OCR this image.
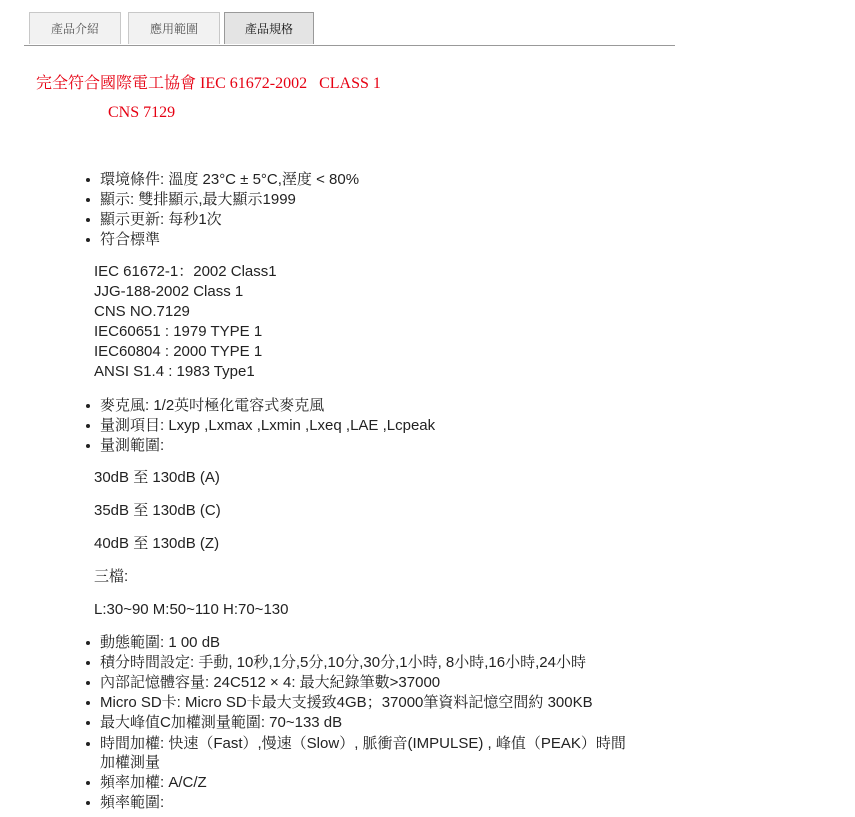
產品介紹	應用範圍	產品規格
完全符合國際電工協會 IEC 61672-2002   CLASS 1
CNS 7129
環境條件: 溫度 23°C ± 5°C,溼度 < 80%
顯示: 雙排顯示,最大顯示1999
顯示更新: 每秒1次
符合標準
IEC 61672-1：2002 Class1
JJG-188-2002 Class 1
CNS NO.7129
IEC60651 : 1979 TYPE 1
IEC60804 : 2000 TYPE 1
ANSI S1.4 : 1983 Type1
麥克風: 1/2英吋極化電容式麥克風
量測項目: Lxyp ,Lxmax ,Lxmin ,Lxeq ,LAE ,Lcpeak
量測範圍:
30dB 至 130dB (A)
35dB 至 130dB (C)
40dB 至 130dB (Z)
三檔:
L:30~90 M:50~110 H:70~130
動態範圍: 1 00 dB
積分時間設定: 手動, 10秒,1分,5分,10分,30分,1小時, 8小時,16小時,24小時
內部記憶體容量: 24C512 × 4: 最大紀錄筆數>37000
Micro SD卡: Micro SD卡最大支援致4GB；37000筆資料記憶空間約 300KB
最大峰值C加權測量範圍: 70~133 dB
時間加權: 快速（Fast）,慢速（Slow）, 脈衝音(IMPULSE) , 峰值（PEAK）時間
加權測量
頻率加權: A/C/Z
頻率範圍:
